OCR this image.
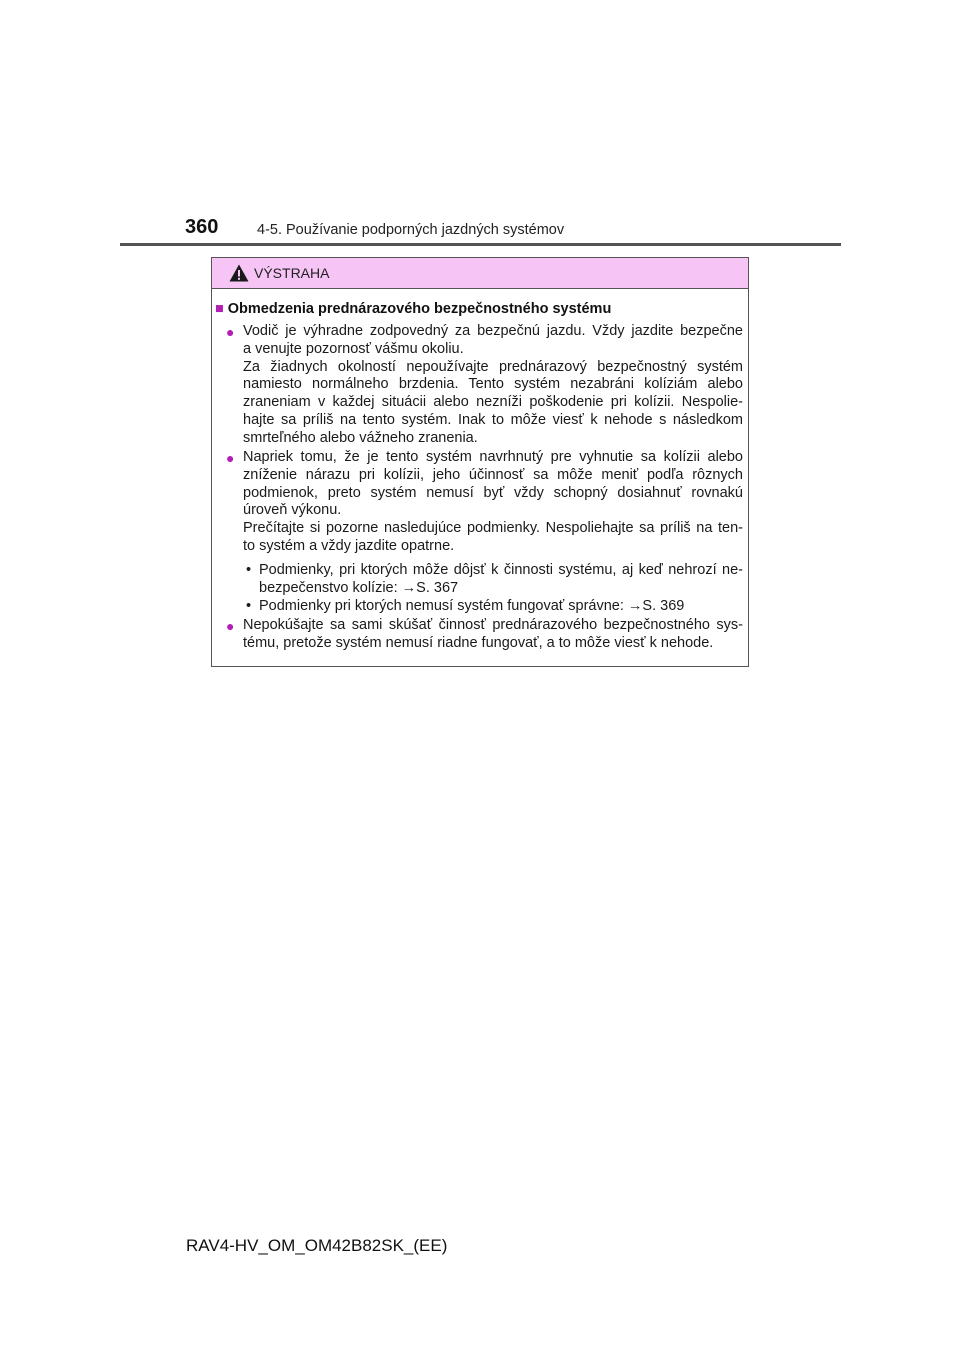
360	4-5. Používanie podporných jazdných systémov
VÝSTRAHA
■ Obmedzenia prednárazového bezpečnostného systému
● Vodič je výhradne zodpovedný za bezpečnú jazdu. Vždy jazdite bezpečne
a venujte pozornosť vášmu okoliu.
Za žiadnych okolností nepoužívajte prednárazový bezpečnostný systém
namiesto normálneho brzdenia. Tento systém nezabráni kolíziám alebo
zraneniam v každej situácii alebo nezníži poškodenie pri kolízii. Nespolie-
hajte sa príliš na tento systém. Inak to môže viesť k nehode s následkom
smrteľného alebo vážneho zranenia.
● Napriek tomu, že je tento systém navrhnutý pre vyhnutie sa kolízii alebo
zníženie nárazu pri kolízii, jeho účinnosť sa môže meniť podľa rôznych
podmienok, preto systém nemusí byť vždy schopný dosiahnuť rovnakú
úroveň výkonu.
Prečítajte si pozorne nasledujúce podmienky. Nespoliehajte sa príliš na ten-
to systém a vždy jazdite opatrne.
• Podmienky, pri ktorých môže dôjsť k činnosti systému, aj keď nehrozí ne-
bezpečenstvo kolízie: →S. 367
• Podmienky pri ktorých nemusí systém fungovať správne: →S. 369
● Nepokúšajte sa sami skúšať činnosť prednárazového bezpečnostného sys-
tému, pretože systém nemusí riadne fungovať, a to môže viesť k nehode.
RAV4-HV_OM_OM42B82SK_(EE)
